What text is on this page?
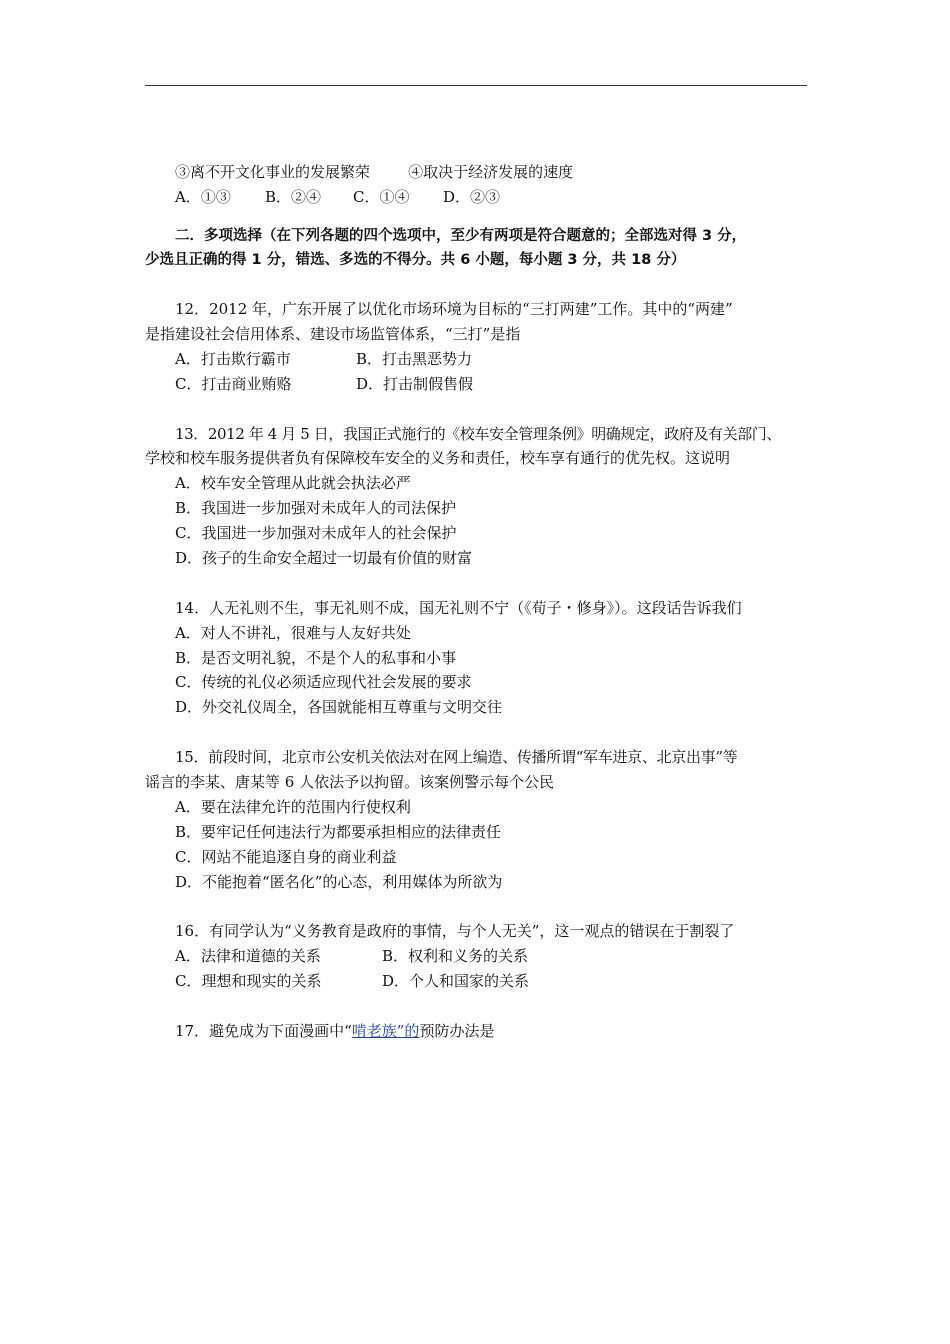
③离不开文化事业的发展繁荣        ④取决于经济发展的速度
A．①③ B．②④ C．①④ D．②③
二．多项选择（在下列各题的四个选项中，至少有两项是符合题意的；全部选对得 3 分，
少选且正确的得 1 分，错选、多选的不得分。共 6 小题，每小题 3 分，共 18 分）
12．2012 年，广东开展了以优化市场环境为目标的“三打两建”工作。其中的“两建”
是指建设社会信用体系、建设市场监管体系，“三打”是指
A．打击欺行霸市	B．打击黑恶势力
C．打击商业贿赂	D．打击制假售假
13．2012 年 4 月 5 日，我国正式施行的《校车安全管理条例》明确规定，政府及有关部门、
学校和校车服务提供者负有保障校车安全的义务和责任，校车享有通行的优先权。这说明
A．校车安全管理从此就会执法必严
B．我国进一步加强对未成年人的司法保护
C．我国进一步加强对未成年人的社会保护
D．孩子的生命安全超过一切最有价值的财富
14．人无礼则不生，事无礼则不成，国无礼则不宁（《荀子・修身》）。这段话告诉我们
A．对人不讲礼，很难与人友好共处
B．是否文明礼貌，不是个人的私事和小事
C．传统的礼仪必须适应现代社会发展的要求
D．外交礼仪周全，各国就能相互尊重与文明交往
15．前段时间，北京市公安机关依法对在网上编造、传播所谓“军车进京、北京出事”等
谣言的李某、唐某等 6 人依法予以拘留。该案例警示每个公民
A．要在法律允许的范围内行使权利
B．要牢记任何违法行为都要承担相应的法律责任
C．网站不能追逐自身的商业利益
D．不能抱着“匿名化”的心态，利用媒体为所欲为
16．有同学认为“义务教育是政府的事情，与个人无关”，这一观点的错误在于割裂了
A．法律和道德的关系	B．权利和义务的关系
C．理想和现实的关系	D．个人和国家的关系
17．避免成为下面漫画中“啃老族”的预防办法是
